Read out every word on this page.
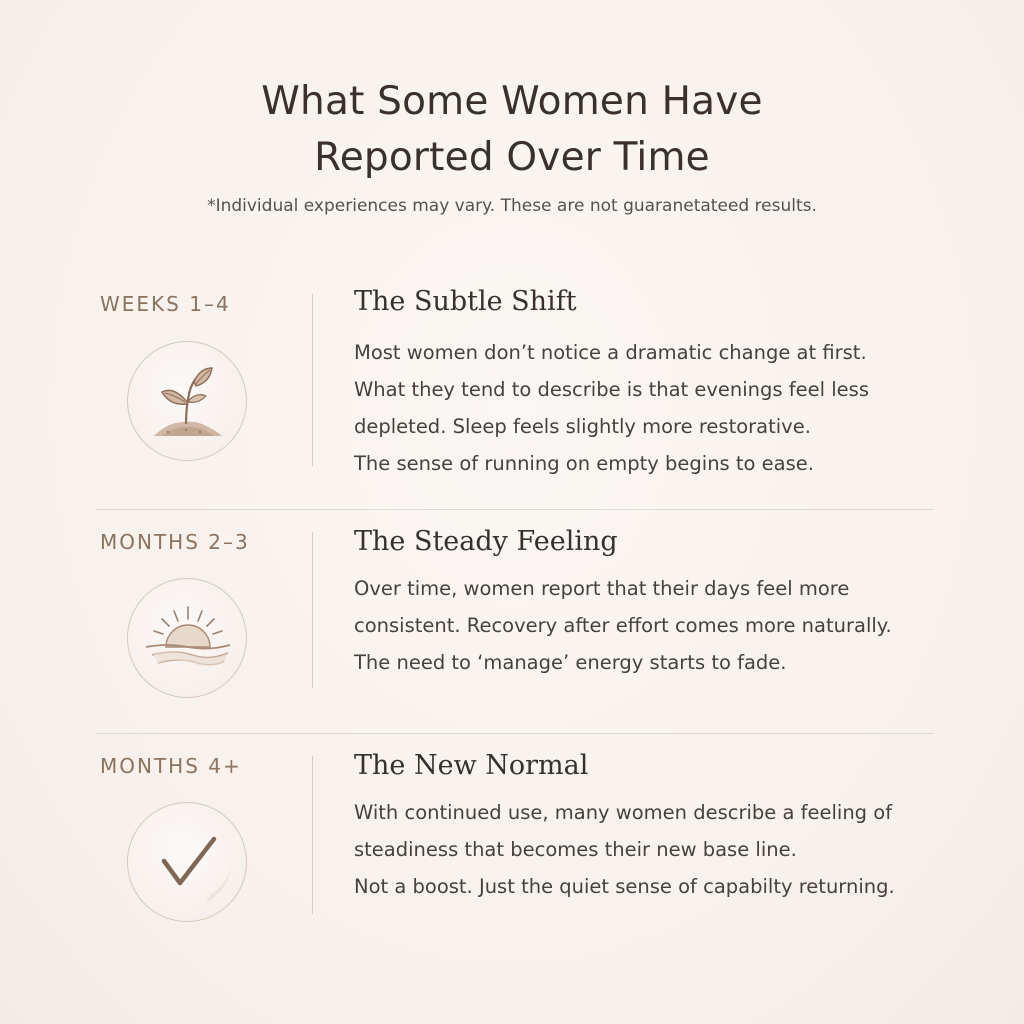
What Some Women Have
Reported Over Time
*Individual experiences may vary. These are not guaranetateed results.
WEEKS 1–4	The Subtle Shift
Most women don’t notice a dramatic change at first.
What they tend to describe is that evenings feel less
depleted. Sleep feels slightly more restorative.
The sense of running on empty begins to ease.
MONTHS 2–3	The Steady Feeling
Over time, women report that their days feel more
consistent. Recovery after effort comes more naturally.
The need to ‘manage’ energy starts to fade.
MONTHS 4+	The New Normal
With continued use, many women describe a feeling of
steadiness that becomes their new base line.
Not a boost. Just the quiet sense of capabilty returning.
